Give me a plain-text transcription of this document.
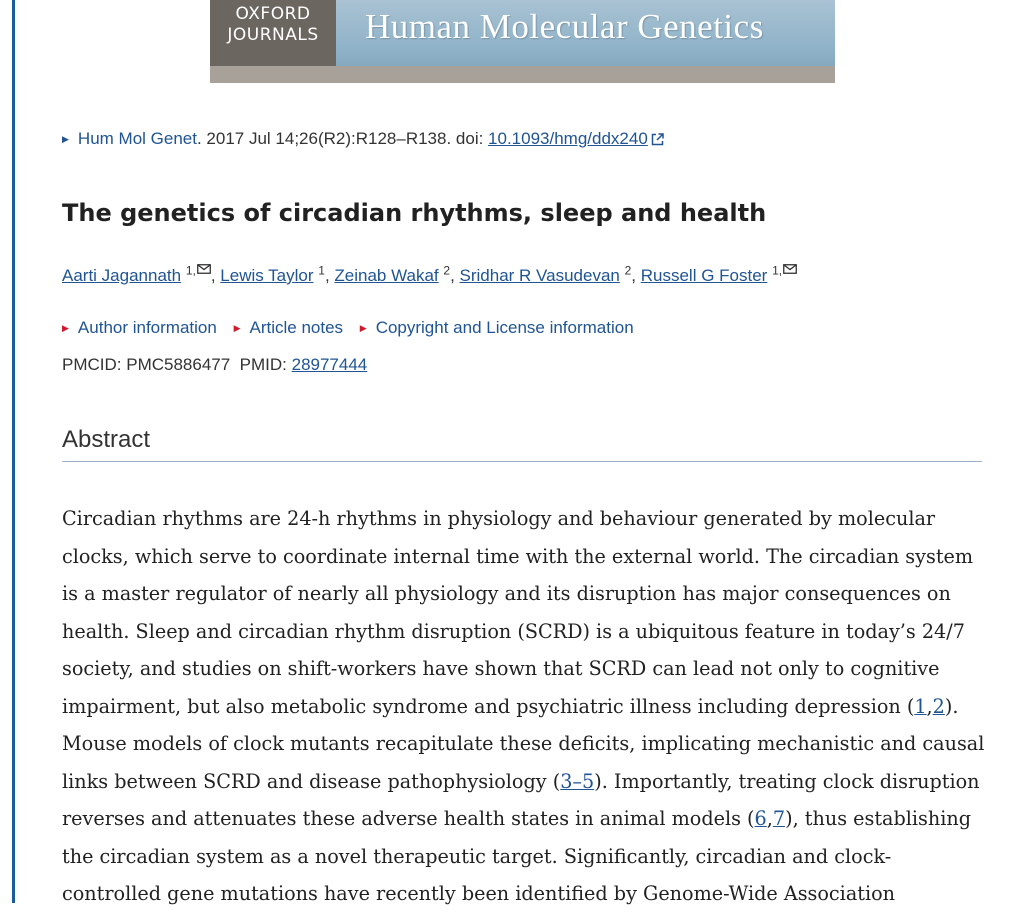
OXFORD
JOURNALS	Human Molecular Genetics
▶ Hum Mol Genet. 2017 Jul 14;26(R2):R128–R138. doi: 10.1093/hmg/ddx240
The genetics of circadian rhythms, sleep and health
Aarti Jagannath $^{1,}$ , Lewis Taylor $^1$, Zeinab Wakaf $^2$, Sridhar R Vasudevan $^2$, Russell G Foster $^{1,}$
▶ Author information ▶ Article notes ▶ Copyright and License information
PMCID: PMC5886477 PMID: 28977444
Abstract

Circadian rhythms are 24-h rhythms in physiology and behaviour generated by molecular clocks, which serve to coordinate internal time with the external world. The circadian system is a master regulator of nearly all physiology and its disruption has major consequences on health. Sleep and circadian rhythm disruption (SCRD) is a ubiquitous feature in today’s 24/7 society, and studies on shift-workers have shown that SCRD can lead not only to cognitive impairment, but also metabolic syndrome and psychiatric illness including depression (1,2). Mouse models of clock mutants recapitulate these deficits, implicating mechanistic and causal links between SCRD and disease pathophysiology (3–5). Importantly, treating clock disruption reverses and attenuates these adverse health states in animal models (6,7), thus establishing the circadian system as a novel therapeutic target. Significantly, circadian and clock-controlled gene mutations have recently been identified by Genome-Wide Association
